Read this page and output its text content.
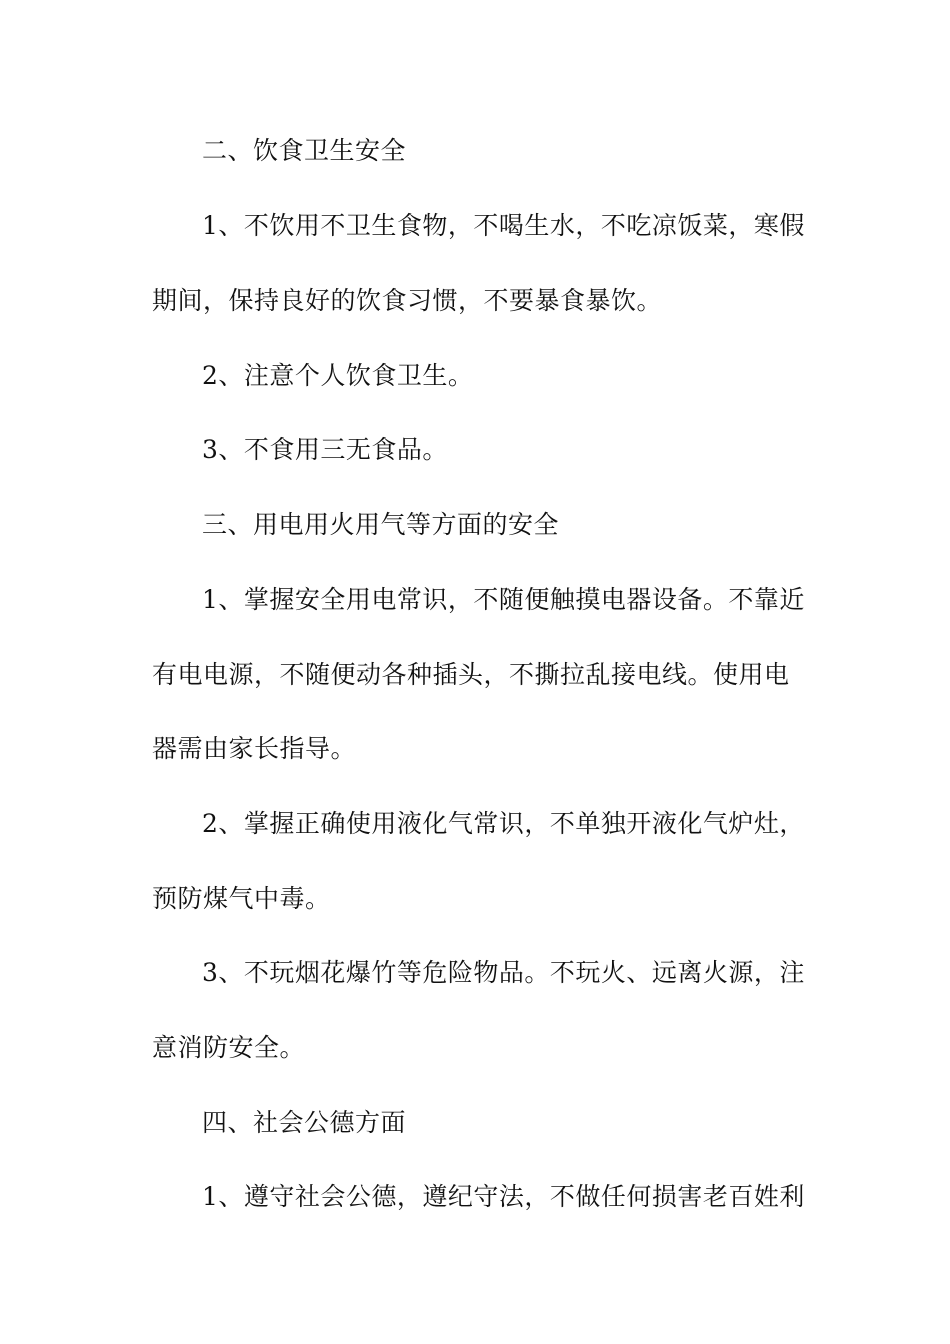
二、饮食卫生安全
1、不饮用不卫生食物，不喝生水，不吃凉饭菜，寒假
期间，保持良好的饮食习惯，不要暴食暴饮。
2、注意个人饮食卫生。
3、不食用三无食品。
三、用电用火用气等方面的安全
1、掌握安全用电常识，不随便触摸电器设备。不靠近
有电电源，不随便动各种插头，不撕拉乱接电线。使用电
器需由家长指导。
2、掌握正确使用液化气常识，不单独开液化气炉灶，
预防煤气中毒。
3、不玩烟花爆竹等危险物品。不玩火、远离火源，注
意消防安全。
四、社会公德方面
1、遵守社会公德，遵纪守法，不做任何损害老百姓利
